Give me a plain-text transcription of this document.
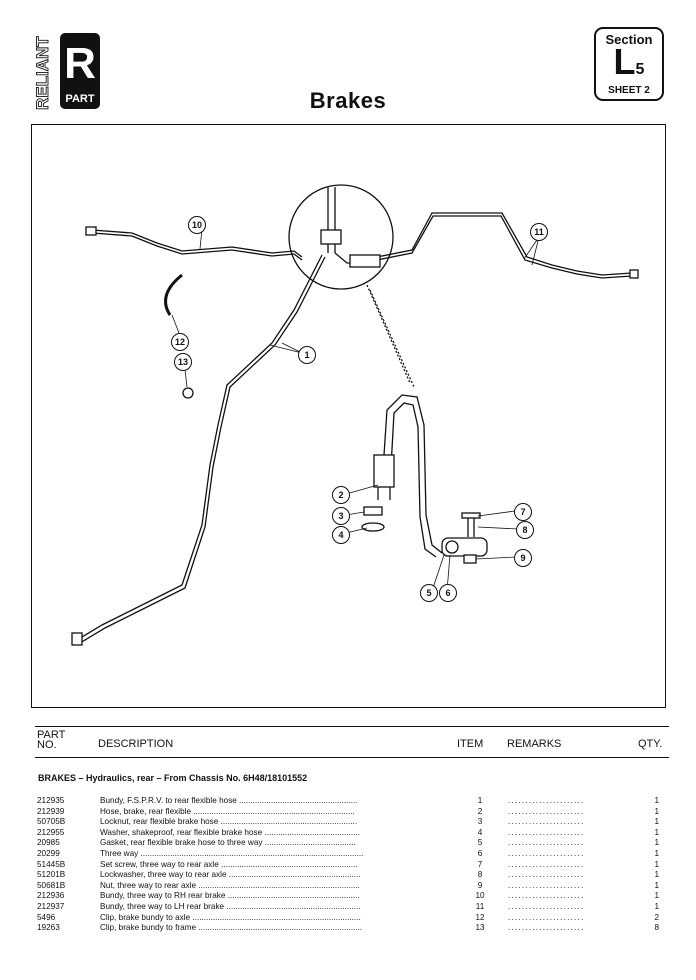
RELIANT R
PART	Brakes
Section
L5
SHEET 2
10
11
12
13
1
2
3
4
7
8
9
5	6
PART NO.	DESCRIPTION	ITEM REMARKS	QTY.
BRAKES – Hydraulics, rear – From Chassis No. 6H48/18101552
212935	Bundy, F.S.P.R.V. to rear flexible hose ....................................................	1	......................	1
212939	Hose, brake, rear flexible .......................................................................	2	......................	1
50705B	Locknut, rear flexible brake hose ............................................................	3	......................	1
212955	Washer, shakeproof, rear flexible brake hose ..........................................	4	......................	1
20985	Gasket, rear flexible brake hose to three way ........................................	5	......................	1
20299	Three way ..................................................................................................	6	......................	1
51445B	Set screw, three way to rear axle ............................................................	7	......................	1
51201B	Lockwasher, three way to rear axle ..........................................................	8	......................	1
50681B	Nut, three way to rear axle .......................................................................	9	......................	1
212936	Bundy, three way to RH rear brake ..........................................................	10	......................	1
212937	Bundy, three way to LH rear brake ...........................................................	11	......................	1
5496	Clip, brake bundy to axle ..........................................................................	12	......................	2
19263	Clip, brake bundy to frame ........................................................................	13	......................	8
